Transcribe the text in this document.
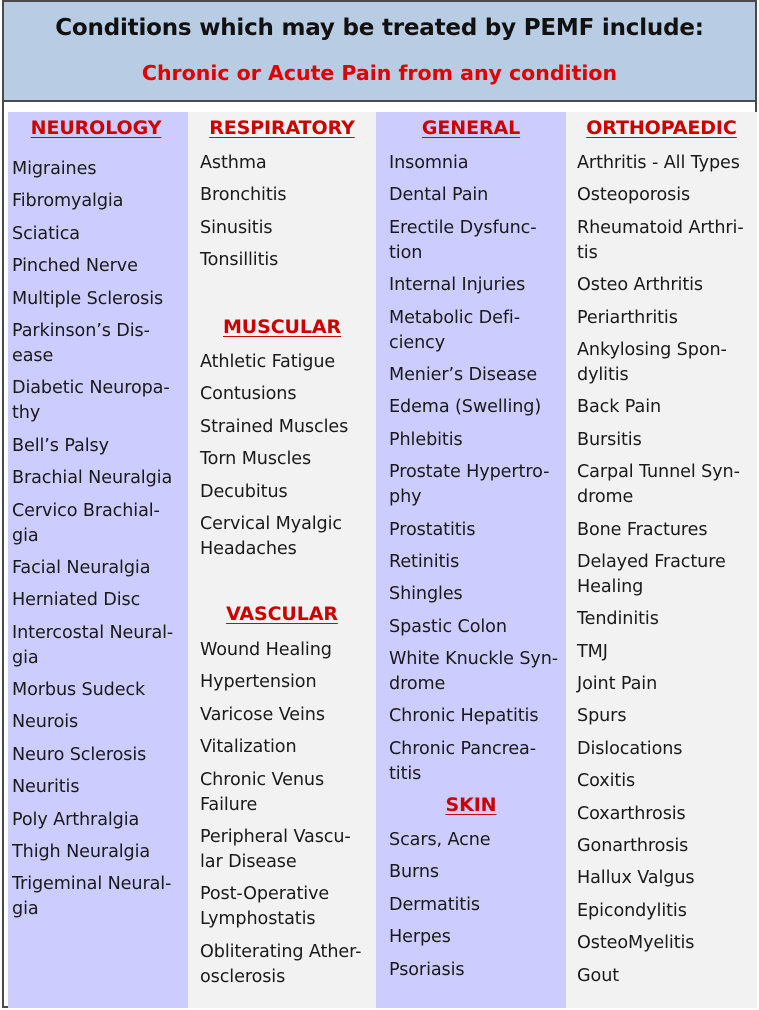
Conditions which may be treated by PEMF include:
Chronic or Acute Pain from any condition
NEUROLOGY
Migraines
Fibromyalgia
Sciatica
Pinched Nerve
Multiple Sclerosis
Parkinson’s Dis-
ease
Diabetic Neuropa-
thy
Bell’s Palsy
Brachial Neuralgia
Cervico Brachial-
gia
Facial Neuralgia
Herniated Disc
Intercostal Neural-
gia
Morbus Sudeck
Neurois
Neuro Sclerosis
Neuritis
Poly Arthralgia
Thigh Neuralgia
Trigeminal Neural-
gia
RESPIRATORY
Asthma
Bronchitis
Sinusitis
Tonsillitis
MUSCULAR
Athletic Fatigue
Contusions
Strained Muscles
Torn Muscles
Decubitus
Cervical Myalgic
Headaches
VASCULAR
Wound Healing
Hypertension
Varicose Veins
Vitalization
Chronic Venus
Failure
Peripheral Vascu-
lar Disease
Post-Operative
Lymphostatis
Obliterating Ather-
osclerosis
GENERAL
Insomnia
Dental Pain
Erectile Dysfunc-
tion
Internal Injuries
Metabolic Defi-
ciency
Menier’s Disease
Edema (Swelling)
Phlebitis
Prostate Hypertro-
phy
Prostatitis
Retinitis
Shingles
Spastic Colon
White Knuckle Syn-
drome
Chronic Hepatitis
Chronic Pancrea-
titis
SKIN
Scars, Acne
Burns
Dermatitis
Herpes
Psoriasis
ORTHOPAEDIC
Arthritis - All Types
Osteoporosis
Rheumatoid Arthri-
tis
Osteo Arthritis
Periarthritis
Ankylosing Spon-
dylitis
Back Pain
Bursitis
Carpal Tunnel Syn-
drome
Bone Fractures
Delayed Fracture
Healing
Tendinitis
TMJ
Joint Pain
Spurs
Dislocations
Coxitis
Coxarthrosis
Gonarthrosis
Hallux Valgus
Epicondylitis
OsteoMyelitis
Gout
